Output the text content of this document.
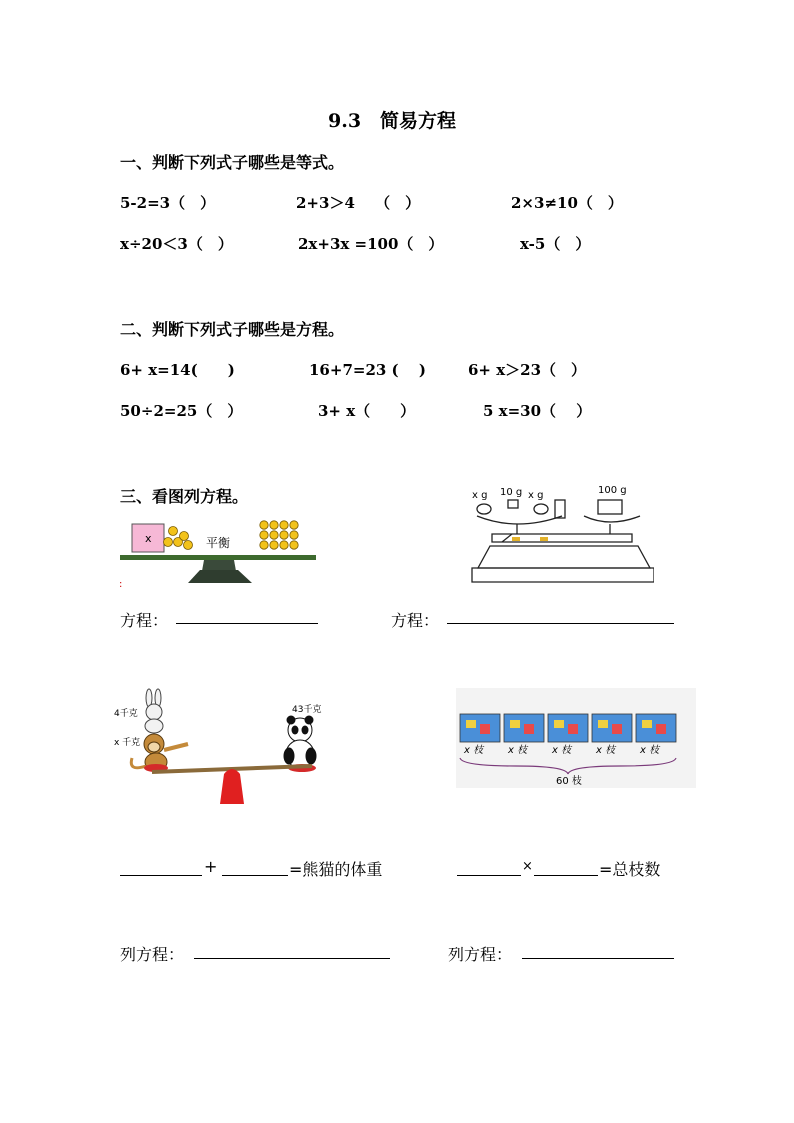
9.3　简易方程
一、判断下列式子哪些是等式。
5-2=3（　）	2+3＞4　 （　）	2×3≠10（　）
x÷20＜3（　）	2x+3x =100（　）	x-5（　）
二、判断下列式子哪些是方程。
6+ x=14(　　)	16+7=23 (　 )	6+ x＞23（　）
50÷2=25（　）	3+ x（　　）	5 x=30（　 ）
三、看图列方程。
x	平衡
:
x g 10 g x g	100 g
方程：	方程：
4千克
x 千克
43千克
x 枝 x 枝 x 枝 x 枝 x 枝
60 枝
+	=熊猫的体重	×	=总枝数
列方程：	列方程：
